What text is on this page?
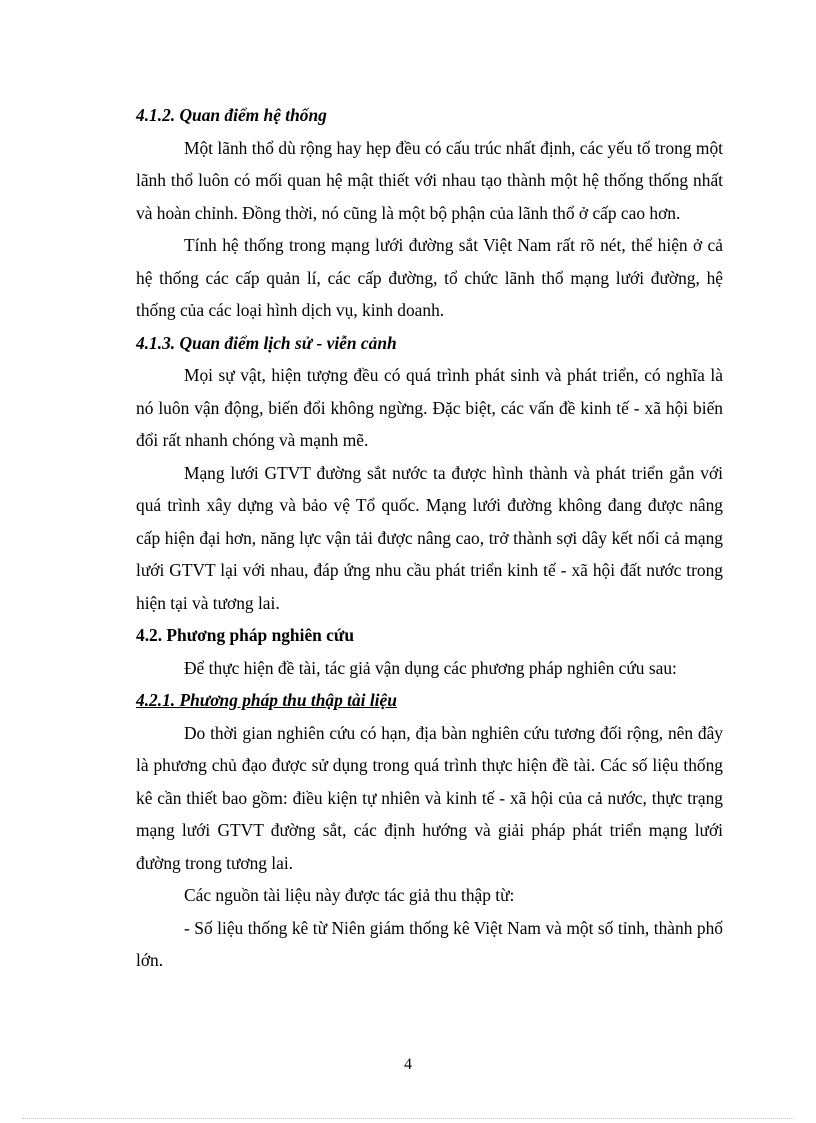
4.1.2. Quan điểm hệ thống

Một lãnh thổ dù rộng hay hẹp đều có cấu trúc nhất định, các yếu tố trong một lãnh thổ luôn có mối quan hệ mật thiết với nhau tạo thành một hệ thống thống nhất và hoàn chỉnh. Đồng thời, nó cũng là một bộ phận của lãnh thổ ở cấp cao hơn.

Tính hệ thống trong mạng lưới đường sắt Việt Nam rất rõ nét, thể hiện ở cả hệ thống các cấp quản lí, các cấp đường, tổ chức lãnh thổ mạng lưới đường, hệ thống của các loại hình dịch vụ, kinh doanh.

4.1.3. Quan điểm lịch sử - viễn cảnh

Mọi sự vật, hiện tượng đều có quá trình phát sinh và phát triển, có nghĩa là nó luôn vận động, biến đổi không ngừng. Đặc biệt, các vấn đề kinh tế - xã hội biến đổi rất nhanh chóng và mạnh mẽ.

Mạng lưới GTVT đường sắt nước ta được hình thành và phát triển gắn với quá trình xây dựng và bảo vệ Tổ quốc. Mạng lưới đường không đang được nâng cấp hiện đại hơn, năng lực vận tải được nâng cao, trở thành sợi dây kết nối cả mạng lưới GTVT lại với nhau, đáp ứng nhu cầu phát triển kinh tế - xã hội đất nước trong hiện tại và tương lai.

4.2. Phương pháp nghiên cứu

Để thực hiện đề tài, tác giả vận dụng các phương pháp nghiên cứu sau:

4.2.1. Phương pháp thu thập tài liệu

Do thời gian nghiên cứu có hạn, địa bàn nghiên cứu tương đối rộng, nên đây là phương chủ đạo được sử dụng trong quá trình thực hiện đề tài. Các số liệu thống kê cần thiết bao gồm: điều kiện tự nhiên và kinh tế - xã hội của cả nước, thực trạng mạng lưới GTVT đường sắt, các định hướng và giải pháp phát triển mạng lưới đường trong tương lai.

Các nguồn tài liệu này được tác giả thu thập từ:

- Số liệu thống kê từ Niên giám thống kê Việt Nam và một số tỉnh, thành phố lớn.

4
